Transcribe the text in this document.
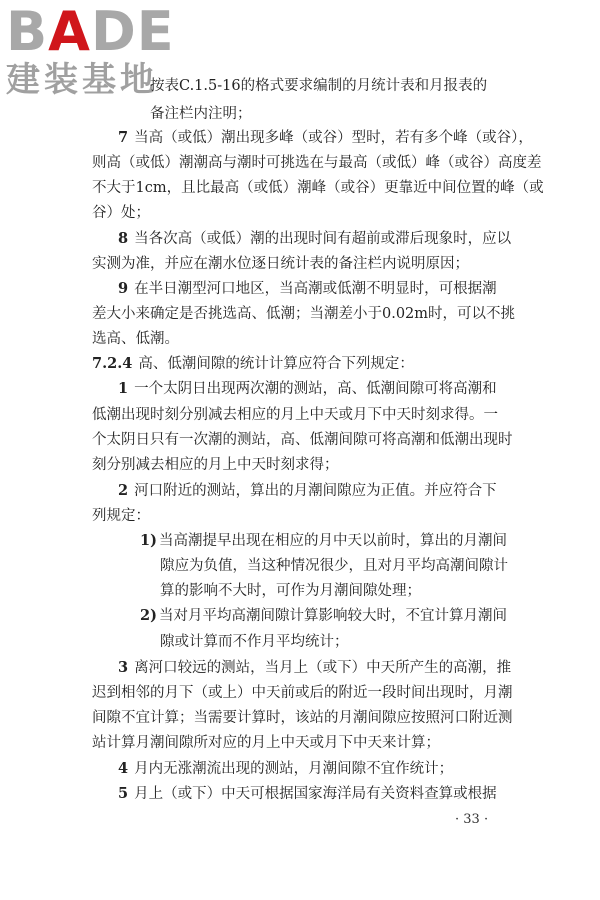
BADE
建装基地
按表C.1.5-16的格式要求编制的月统计表和月报表的
备注栏内注明；
7 当高（或低）潮出现多峰（或谷）型时，若有多个峰（或谷），
则高（或低）潮潮高与潮时可挑选在与最高（或低）峰（或谷）高度差
不大于1cm，且比最高（或低）潮峰（或谷）更靠近中间位置的峰（或
谷）处；
8 当各次高（或低）潮的出现时间有超前或滞后现象时，应以
实测为准，并应在潮水位逐日统计表的备注栏内说明原因；
9 在半日潮型河口地区，当高潮或低潮不明显时，可根据潮
差大小来确定是否挑选高、低潮；当潮差小于0.02m时，可以不挑
选高、低潮。
7.2.4 高、低潮间隙的统计计算应符合下列规定：
1 一个太阴日出现两次潮的测站，高、低潮间隙可将高潮和
低潮出现时刻分别减去相应的月上中天或月下中天时刻求得。一
个太阴日只有一次潮的测站，高、低潮间隙可将高潮和低潮出现时
刻分别减去相应的月上中天时刻求得；
2 河口附近的测站，算出的月潮间隙应为正值。并应符合下
列规定：
1) 当高潮提早出现在相应的月中天以前时，算出的月潮间
隙应为负值，当这种情况很少，且对月平均高潮间隙计
算的影响不大时，可作为月潮间隙处理；
2) 当对月平均高潮间隙计算影响较大时，不宜计算月潮间
隙或计算而不作月平均统计；
3 离河口较远的测站，当月上（或下）中天所产生的高潮，推
迟到相邻的月下（或上）中天前或后的附近一段时间出现时，月潮
间隙不宜计算；当需要计算时，该站的月潮间隙应按照河口附近测
站计算月潮间隙所对应的月上中天或月下中天来计算；
4 月内无涨潮流出现的测站，月潮间隙不宜作统计；
5 月上（或下）中天可根据国家海洋局有关资料查算或根据
· 33 ·
